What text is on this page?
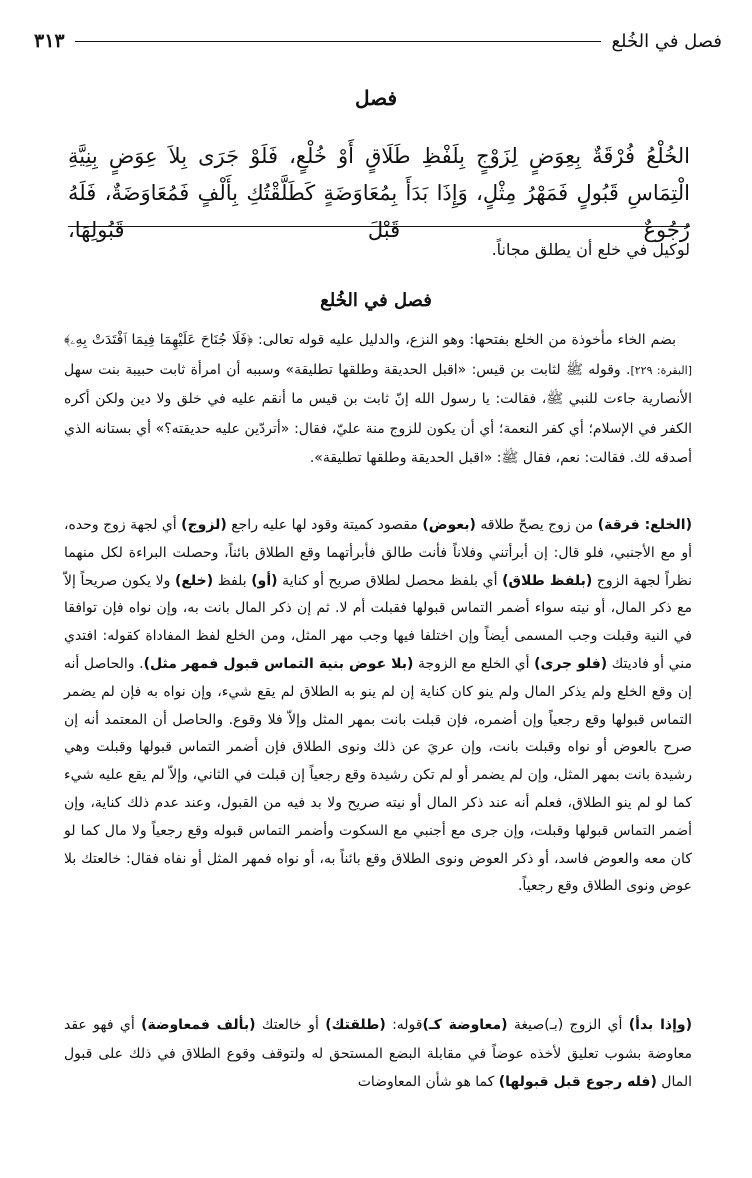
فصل في الخُلع
٣١٣
فصل
الخُلْعُ فُرْقَةٌ بِعِوَضٍ لِزَوْجٍ بِلَفْظِ طَلَاقٍ أَوْ خُلْعٍ، فَلَوْ جَرَى بِلاَ عِوَضٍ بِنِيَّةِ الْتِمَاسِ قَبُولٍ فَمَهْرُ مِثْلٍ، وَإِذَا بَدَأَ بِمُعَاوَضَةٍ كَطَلَّقْتُكِ بِأَلْفٍ فَمُعَاوَضَةٌ، فَلَهُ رُجُوعٌ قَبْلَ قَبُولِهَا،
لوكيل في خلع أن يطلق مجاناً.
فصل في الخُلع
بضم الخاء مأخوذة من الخلع بفتحها: وهو النزع، والدليل عليه قوله تعالى: ﴿فَلَا جُنَاحَ عَلَيْهِمَا فِيمَا ٱفْتَدَتْ بِهِۦ﴾ [البقرة: ٢٢٩]. وقوله ﷺ لثابت بن قيس: «اقبل الحديقة وطلقها تطليقة» وسببه أن امرأة ثابت حبيبة بنت سهل الأنصارية جاءت للنبي ﷺ، فقالت: يا رسول الله إنّ ثابت بن قيس ما أنقم عليه في خلق ولا دين ولكن أكره الكفر في الإسلام؛ أي كفر النعمة؛ أي أن يكون للزوج منة عليّ، فقال: «أتردّين عليه حديقته؟» أي بستانه الذي أصدقه لك. فقالت: نعم، فقال ﷺ: «اقبل الحديقة وطلقها تطليقة».
(الخلع: فرقة) من زوج يصحّ طلاقه (بعوض) مقصود كميتة وقود لها عليه راجع (لزوج) أي لجهة زوج وحده، أو مع الأجنبي، فلو قال: إن أبرأتني وفلاناً فأنت طالق فأبرأتهما وقع الطلاق بائناً، وحصلت البراءة لكل منهما نظراً لجهة الزوج (بلفظ طلاق) أي بلفظ محصل لطلاق صريح أو كناية (أو) بلفظ (خلع) ولا يكون صريحاً إلاّ مع ذكر المال، أو نيته سواء أضمر التماس قبولها فقبلت أم لا. ثم إن ذكر المال بانت به، وإن نواه فإن توافقا في النية وقبلت وجب المسمى أيضاً وإن اختلفا فيها وجب مهر المثل، ومن الخلع لفظ المفاداة كقوله: افتدي مني أو فاديتك (فلو جرى) أي الخلع مع الزوجة (بلا عوض بنية التماس قبول فمهر مثل). والحاصل أنه إن وقع الخلع ولم يذكر المال ولم ينو كان كناية إن لم ينو به الطلاق لم يقع شيء، وإن نواه به فإن لم يضمر التماس قبولها وقع رجعياً وإن أضمره، فإن قبلت بانت بمهر المثل وإلاّ فلا وقوع. والحاصل أن المعتمد أنه إن صرح بالعوض أو نواه وقبلت بانت، وإن عريَ عن ذلك ونوى الطلاق فإن أضمر التماس قبولها وقبلت وهي رشيدة بانت بمهر المثل، وإن لم يضمر أو لم تكن رشيدة وقع رجعياً إن قبلت في الثاني، وإلاّ لم يقع عليه شيء كما لو لم ينو الطلاق، فعلم أنه عند ذكر المال أو نيته صريح ولا بد فيه من القبول، وعند عدم ذلك كناية، وإن أضمر التماس قبولها وقبلت، وإن جرى مع أجنبي مع السكوت وأضمر التماس قبوله وقع رجعياً ولا مال كما لو كان معه والعوض فاسد، أو ذكر العوض ونوى الطلاق وقع بائناً به، أو نواه فمهر المثل أو نفاه فقال: خالعتك بلا عوض ونوى الطلاق وقع رجعياً.
(وإذا بدأ) أي الزوج (بـ)صيغة (معاوضة كـ)قوله: (طلقتك) أو خالعتك (بألف فمعاوضة) أي فهو عقد معاوضة بشوب تعليق لأخذه عوضاً في مقابلة البضع المستحق له ولتوقف وقوع الطلاق في ذلك على قبول المال (فله رجوع قبل قبولها) كما هو شأن المعاوضات
